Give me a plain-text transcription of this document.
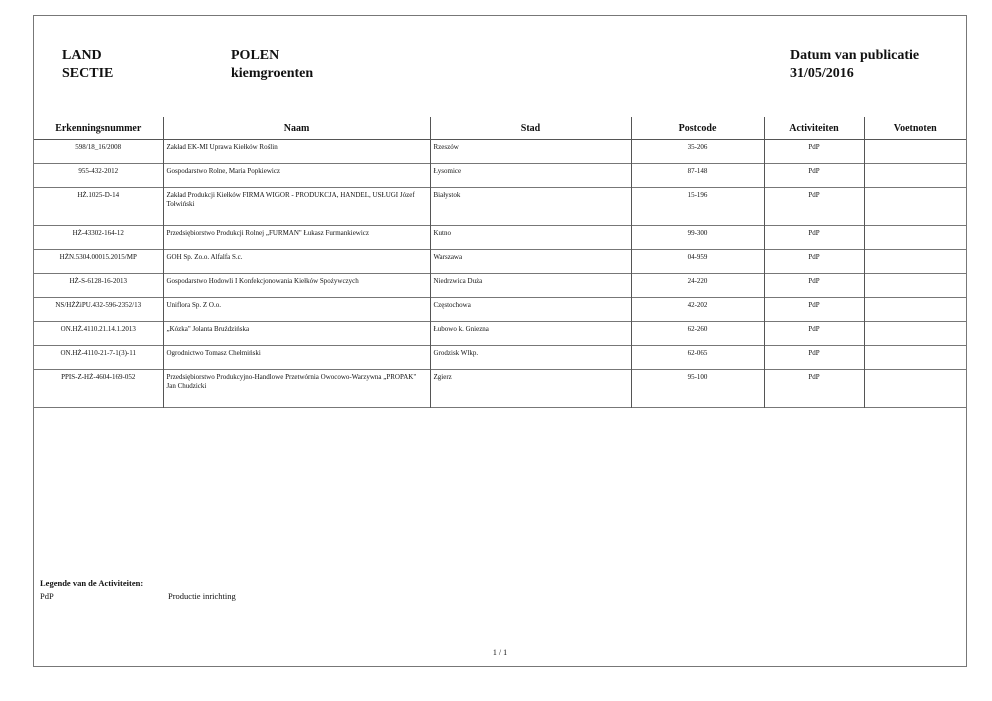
LAND
SECTIE
POLEN
kiemgroenten
Datum van publicatie
31/05/2016
Erkenningsnummer	Naam	Stad	Postcode	Activiteiten	Voetnoten
598/18_16/2008	Zakład EK-MI Uprawa Kiełków Roślin	Rzeszów	35-206	PdP	
955-432-2012	Gospodarstwo Rolne, Maria Popkiewicz	Łysomice	87-148	PdP	
HŻ.1025-D-14	Zakład Produkcji Kiełków FIRMA WIGOR - PRODUKCJA, HANDEL, USŁUGI Józef Tołwiński	Białystok	15-196	PdP	
HŻ-43302-164-12	Przedsiębiorstwo Produkcji Rolnej „FURMAN" Łukasz Furmankiewicz	Kutno	99-300	PdP	
HŻN.5304.00015.2015/MP	GOH Sp. Zo.o. Alfalfa S.c.	Warszawa	04-959	PdP	
HŻ-S-6128-16-2013	Gospodarstwo Hodowli I Konfekcjonowania Kiełków Spożywczych	Niedrzwica Duża	24-220	PdP	
NS/HŻŻiPU.432-596-2352/13	Uniflora Sp. Z O.o.	Częstochowa	42-202	PdP	
ON.HŻ.4110.21.14.1.2013	„Kózka" Jolanta Bruździńska	Łubowo k. Gniezna	62-260	PdP	
ON.HŻ-4110-21-7-1(3)-11	Ogrodnictwo Tomasz Chełmiński	Grodzisk Wlkp.	62-065	PdP	
PPIS-Z-HŻ-4604-169-052	Przedsiębiorstwo Produkcyjno-Handlowe Przetwórnia Owocowo-Warzywna „PROPAK" Jan Chudzicki	Zgierz	95-100	PdP	
Legende van de Activiteiten:
PdP	Productie inrichting
1 / 1
